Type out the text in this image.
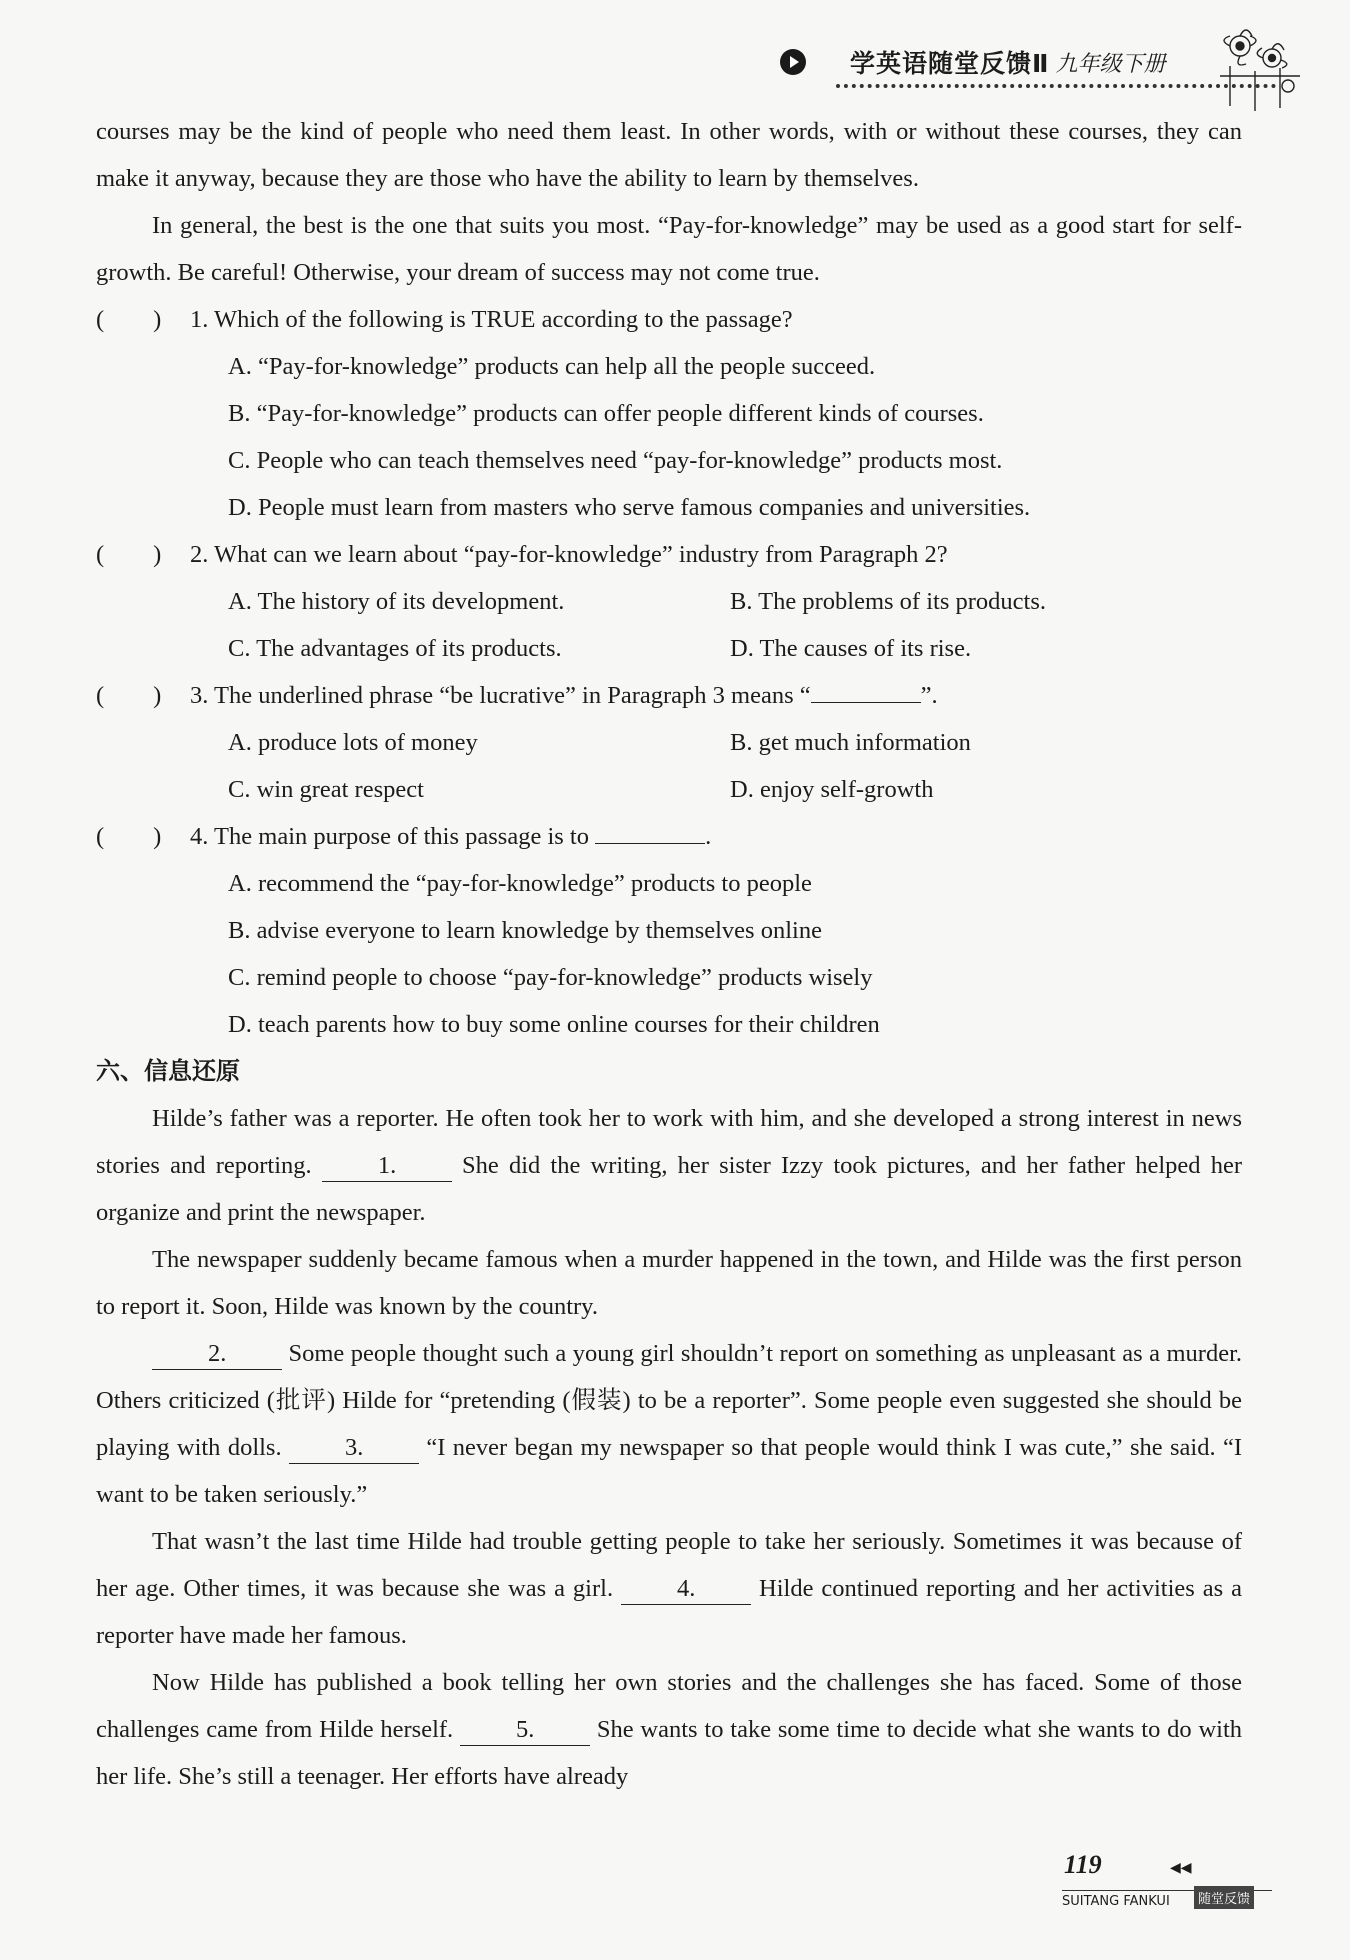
学英语随堂反馈Ⅱ 九年级下册

courses may be the kind of people who need them least. In other words, with or without these courses, they can make it anyway, because they are those who have the ability to learn by themselves.

In general, the best is the one that suits you most. “Pay-for-knowledge” may be used as a good start for self-growth. Be careful! Otherwise, your dream of success may not come true.

(　　) 1. Which of the following is TRUE according to the passage?

A. “Pay-for-knowledge” products can help all the people succeed.

B. “Pay-for-knowledge” products can offer people different kinds of courses.

C. People who can teach themselves need “pay-for-knowledge” products most.

D. People must learn from masters who serve famous companies and universities.

(　　) 2. What can we learn about “pay-for-knowledge” industry from Paragraph 2?

A. The history of its development.	B. The problems of its products.
C. The advantages of its products.	D. The causes of its rise.

(　　) 3. The underlined phrase “be lucrative” in Paragraph 3 means “	”.

A. produce lots of money	B. get much information
C. win great respect	D. enjoy self-growth

(　　) 4. The main purpose of this passage is to	.

A. recommend the “pay-for-knowledge” products to people

B. advise everyone to learn knowledge by themselves online

C. remind people to choose “pay-for-knowledge” products wisely

D. teach parents how to buy some online courses for their children

六、信息还原

Hilde’s father was a reporter. He often took her to work with him, and she developed a strong interest in news stories and reporting.	1.	She did the writing, her sister Izzy took pictures, and her father helped her organize and print the newspaper.

The newspaper suddenly became famous when a murder happened in the town, and Hilde was the first person to report it. Soon, Hilde was known by the country.

2.	Some people thought such a young girl shouldn’t report on something as unpleasant as a murder. Others criticized (批评) Hilde for “pretending (假装) to be a reporter”. Some people even suggested she should be playing with dolls.	3.	“I never began my newspaper so that people would think I was cute,” she said. “I want to be taken seriously.”

That wasn’t the last time Hilde had trouble getting people to take her seriously. Sometimes it was because of her age. Other times, it was because she was a girl.	4.	Hilde continued reporting and her activities as a reporter have made her famous.

Now Hilde has published a book telling her own stories and the challenges she has faced. Some of those challenges came from Hilde herself.	5.	She wants to take some time to decide what she wants to do with her life. She’s still a teenager. Her efforts have already

119	◀◀
SUITANG FANKUI	随堂反馈
